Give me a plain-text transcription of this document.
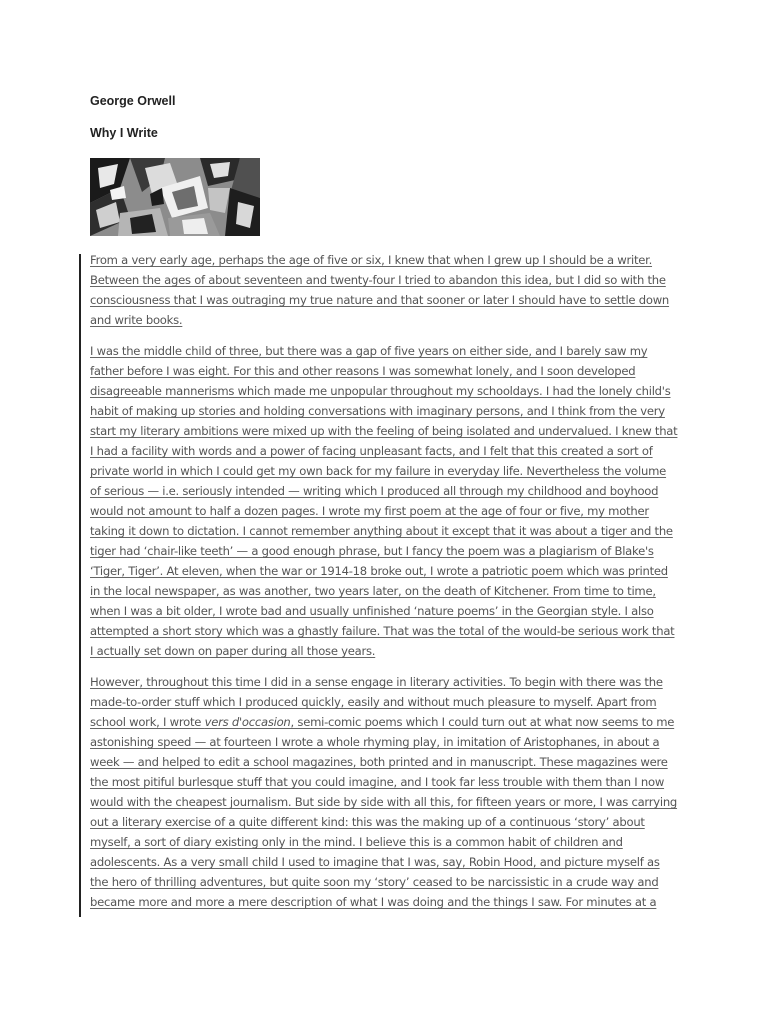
George Orwell
Why I Write

From a very early age, perhaps the age of five or six, I knew that when I grew up I should be a writer. Between the ages of about seventeen and twenty-four I tried to abandon this idea, but I did so with the consciousness that I was outraging my true nature and that sooner or later I should have to settle down and write books.

I was the middle child of three, but there was a gap of five years on either side, and I barely saw my father before I was eight. For this and other reasons I was somewhat lonely, and I soon developed disagreeable mannerisms which made me unpopular throughout my schooldays. I had the lonely child's habit of making up stories and holding conversations with imaginary persons, and I think from the very start my literary ambitions were mixed up with the feeling of being isolated and undervalued. I knew that I had a facility with words and a power of facing unpleasant facts, and I felt that this created a sort of private world in which I could get my own back for my failure in everyday life. Nevertheless the volume of serious — i.e. seriously intended — writing which I produced all through my childhood and boyhood would not amount to half a dozen pages. I wrote my first poem at the age of four or five, my mother taking it down to dictation. I cannot remember anything about it except that it was about a tiger and the tiger had ‘chair-like teeth’ — a good enough phrase, but I fancy the poem was a plagiarism of Blake's ‘Tiger, Tiger’. At eleven, when the war or 1914-18 broke out, I wrote a patriotic poem which was printed in the local newspaper, as was another, two years later, on the death of Kitchener. From time to time, when I was a bit older, I wrote bad and usually unfinished ‘nature poems’ in the Georgian style. I also attempted a short story which was a ghastly failure. That was the total of the would-be serious work that I actually set down on paper during all those years.

However, throughout this time I did in a sense engage in literary activities. To begin with there was the made-to-order stuff which I produced quickly, easily and without much pleasure to myself. Apart from school work, I wrote vers d'occasion, semi-comic poems which I could turn out at what now seems to me astonishing speed — at fourteen I wrote a whole rhyming play, in imitation of Aristophanes, in about a week — and helped to edit a school magazines, both printed and in manuscript. These magazines were the most pitiful burlesque stuff that you could imagine, and I took far less trouble with them than I now would with the cheapest journalism. But side by side with all this, for fifteen years or more, I was carrying out a literary exercise of a quite different kind: this was the making up of a continuous ‘story’ about myself, a sort of diary existing only in the mind. I believe this is a common habit of children and adolescents. As a very small child I used to imagine that I was, say, Robin Hood, and picture myself as the hero of thrilling adventures, but quite soon my ‘story’ ceased to be narcissistic in a crude way and became more and more a mere description of what I was doing and the things I saw. For minutes at a
